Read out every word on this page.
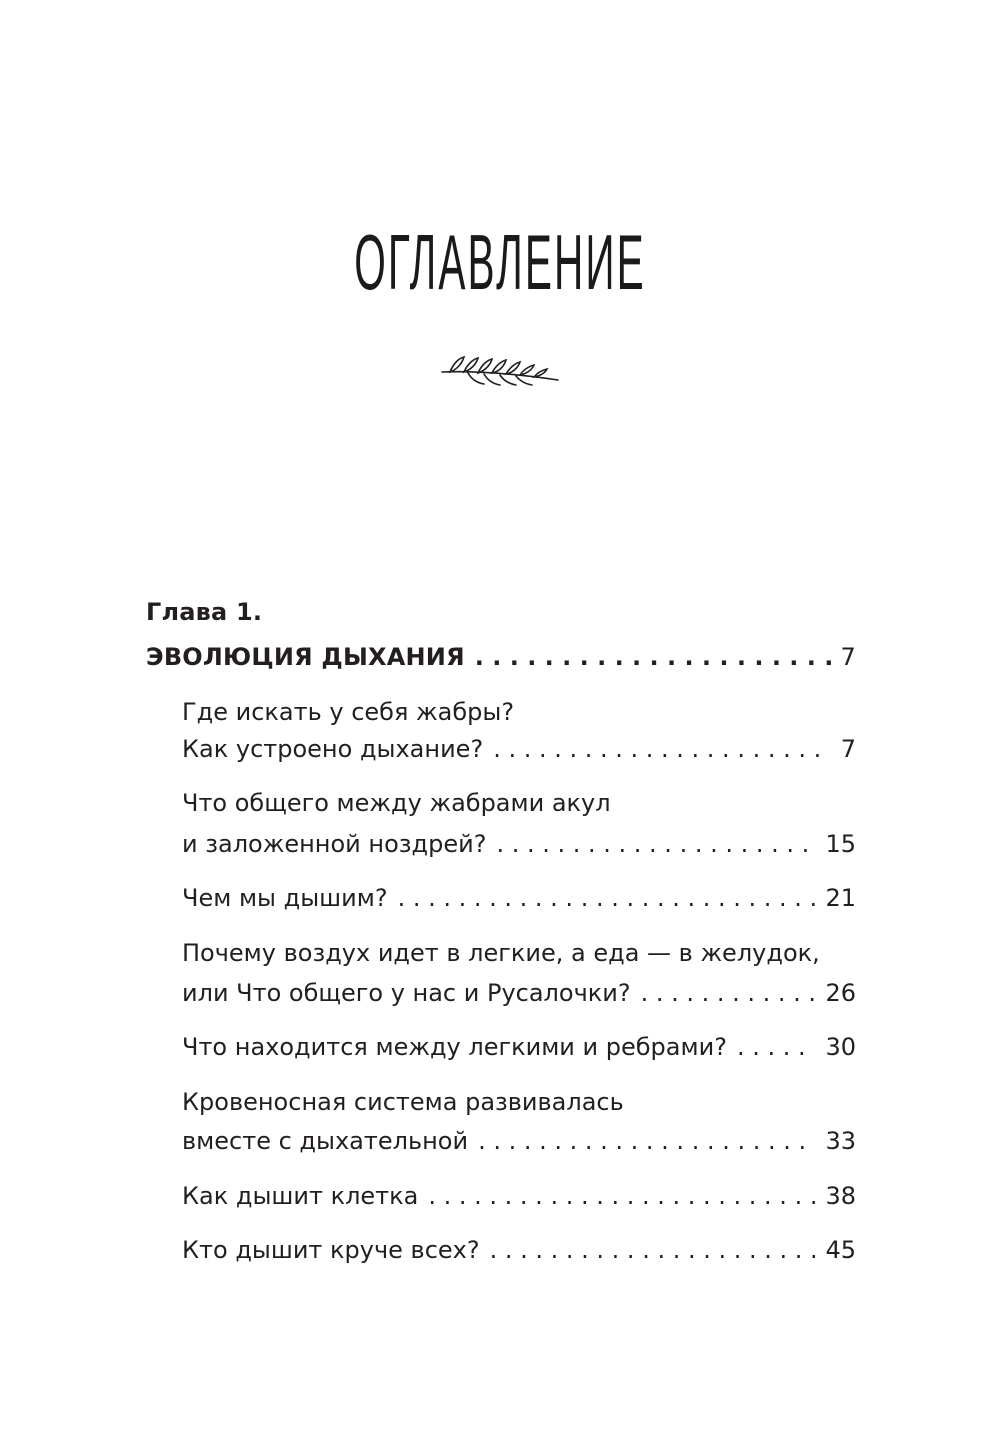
ОГЛАВЛЕНИЕ
Глава 1.
ЭВОЛЮЦИЯ ДЫХАНИЯ . . .	7
Где искать у себя жабры?
Как устроено дыхание? . . .	7
Что общего между жабрами акул
и заложенной ноздрей? . . .	15
Чем мы дышим? . . .	21
Почему воздух идет в легкие, а еда — в желудок,
или Что общего у нас и Русалочки? . . .	26
Что находится между легкими и ребрами? . . .	30
Кровеносная система развивалась
вместе с дыхательной . . .	33
Как дышит клетка . . .	38
Кто дышит круче всех? . . .	45
